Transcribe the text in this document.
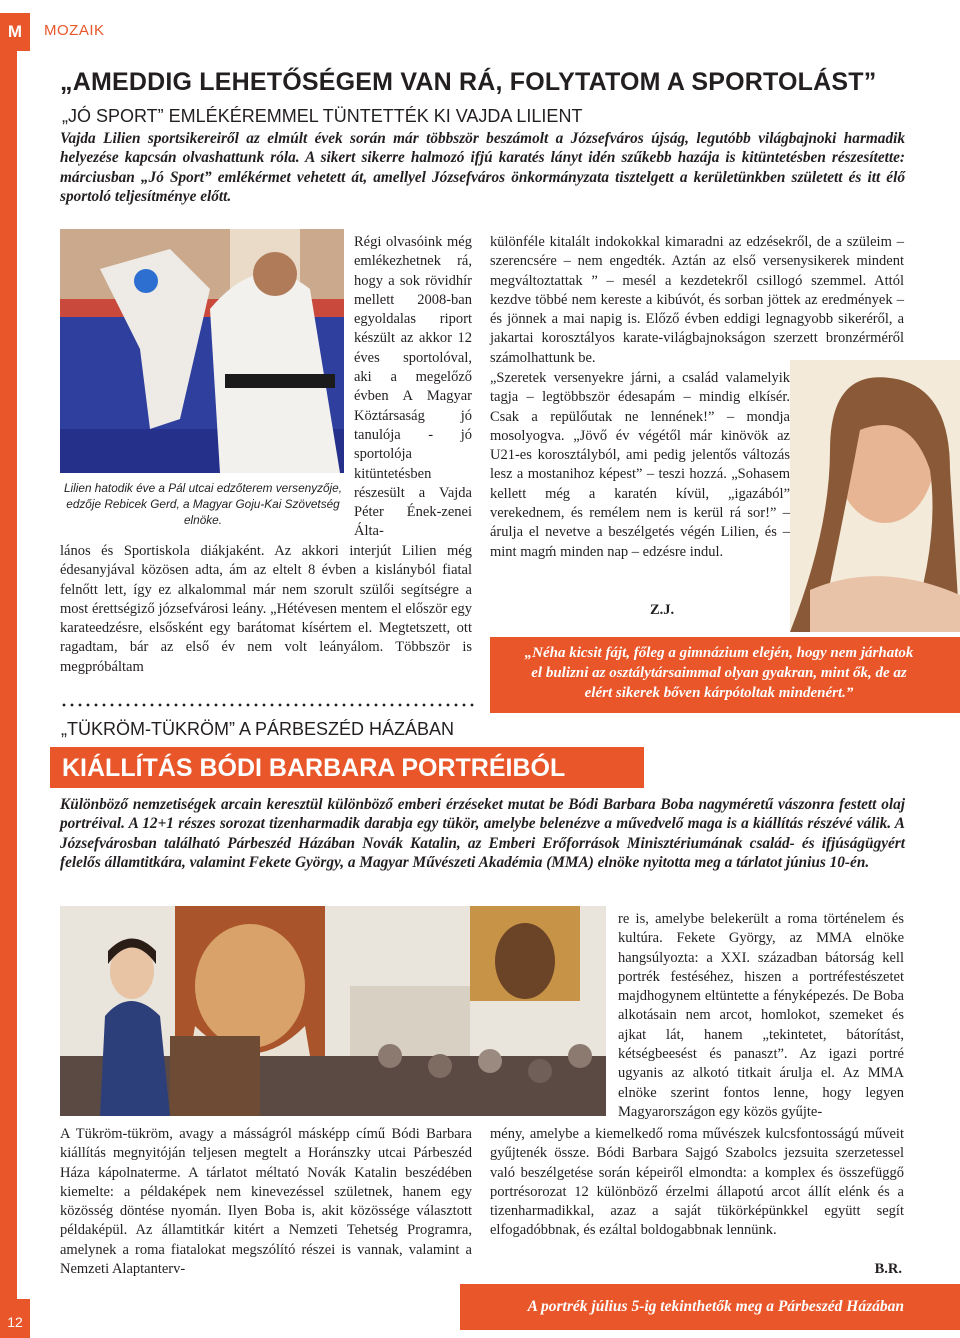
M	MOZAIK
12
„AMEDDIG LEHETŐSÉGEM VAN RÁ, FOLYTATOM A SPORTOLÁST”
„JÓ SPORT” EMLÉKÉREMMEL TÜNTETTÉK KI VAJDA LILIENT

Vajda Lilien sportsikereiről az elmúlt évek során már többször beszámolt a Józsefváros újság, legutóbb világbajnoki harmadik helyezése kapcsán olvashattunk róla. A sikert sikerre halmozó ifjú karatés lányt idén szűkebb hazája is kitüntetésben részesítette: márciusban „Jó Sport” emlékérmet vehetett át, amellyel Józsefváros önkormányzata tisztelgett a kerületünkben született és itt élő sportoló teljesítménye előtt.

Lilien hatodik éve a Pál utcai edzőterem versenyzője, edzője Rebicek Gerd, a Magyar Goju-Kai Szövetség elnöke.

Régi olvasóink még emlékezhetnek rá, hogy a sok rövidhír mellett 2008-ban egyoldalas riport készült az akkor 12 éves sportolóval, aki a megelőző évben A Magyar Köztársaság jó tanulója - jó sportolója kitüntetésben részesült a Vajda Péter Ének-zenei Álta-

lános és Sportiskola diákjaként. Az akkori interjút Lilien még édesanyjával közösen adta, ám az eltelt 8 évben a kislányból fiatal felnőtt lett, így ez alkalommal már nem szorult szülői segítségre a most érettségiző józsefvárosi leány. „Hétévesen mentem el először egy karateedzésre, elsősként egy barátomat kísértem el. Megtetszett, ott ragadtam, bár az első év nem volt leányálom. Többször is megpróbáltam

különféle kitalált indokokkal kimaradni az edzésekről, de a szüleim – szerencsére – nem engedték. Aztán az első versenysikerek mindent megváltoztattak ” – mesél a kezdetekről csillogó szemmel. Attól kezdve többé nem kereste a kibúvót, és sorban jöttek az eredmények – és jönnek a mai napig is. Előző évben eddigi legnagyobb sikeréről, a jakartai korosztályos karate-világbajnokságon szerzett bronzérméről számolhattunk be.

„Szeretek versenyekre járni, a család valamelyik tagja – legtöbbször édesapám – mindig elkísér. Csak a repülőutak ne lennének!” – mondja mosolyogva. „Jövő év végétől már kinövök az U21-es korosztályból, ami pedig jelentős változás lesz a mostanihoz képest” – teszi hozzá. „Sohasem kellett még a karatén kívül, „igazából” verekednem, és remélem nem is kerül rá sor!” – árulja el nevetve a beszélgetés végén Lilien, és – mint magḿ minden nap – edzésre indul.

Z.J.
„Néha kicsit fájt, főleg a gimnázium elején, hogy nem járhatok el bulizni az osztálytársaimmal olyan gyakran, mint ők, de az elért sikerek bőven kárpótoltak mindenért.”
„TÜKRÖM-TÜKRÖM” A PÁRBESZÉD HÁZÁBAN
KIÁLLÍTÁS BÓDI BARBARA PORTRÉIBÓL

Különböző nemzetiségek arcain keresztül különböző emberi érzéseket mutat be Bódi Barbara Boba nagyméretű vászonra festett olaj portréival. A 12+1 részes sorozat tizenharmadik darabja egy tükör, amelybe belenézve a művedvelő maga is a kiállítás részévé válik. A Józsefvárosban található Párbeszéd Házában Novák Katalin, az Emberi Erőforrások Minisztériumának család- és ifjúságügyért felelős államtitkára, valamint Fekete György, a Magyar Művészeti Akadémia (MMA) elnöke nyitotta meg a tárlatot június 10-én.

re is, amelybe belekerült a roma történelem és kultúra. Fekete György, az MMA elnöke hangsúlyozta: a XXI. században bátorság kell portrék festéséhez, hiszen a portréfestészetet majdhogynem eltüntette a fényképezés. De Boba alkotásain nem arcot, homlokot, szemeket és ajkat lát, hanem „tekintetet, bátorítást, kétségbeesést és panaszt”. Az igazi portré ugyanis az alkotó titkait árulja el. Az MMA elnöke szerint fontos lenne, hogy legyen Magyarországon egy közös gyűjte-

A Tükröm-tükröm, avagy a másságról másképp című Bódi Barbara kiállítás megnyitóján teljesen megtelt a Horánszky utcai Párbeszéd Háza kápolnaterme. A tárlatot méltató Novák Katalin beszédében kiemelte: a példaképek nem kinevezéssel születnek, hanem egy közösség döntése nyomán. Ilyen Boba is, akit közössége választott példaképül. Az államtitkár kitért a Nemzeti Tehetség Programra, amelynek a roma fiatalokat megszólító részei is vannak, valamint a Nemzeti Alaptanterv-

mény, amelybe a kiemelkedő roma művészek kulcsfontosságú műveit gyűjtenék össze. Bódi Barbara Sajgó Szabolcs jezsuita szerzetessel való beszélgetése során képeiről elmondta: a komplex és összefüggő portrésorozat 12 különböző érzelmi állapotú arcot állít elénk és a tizenharmadikkal, azaz a saját tükörképünkkel együtt segít elfogadóbbnak, és ezáltal boldogabbnak lennünk.

B.R.
A portrék július 5-ig tekinthetők meg a Párbeszéd Házában
